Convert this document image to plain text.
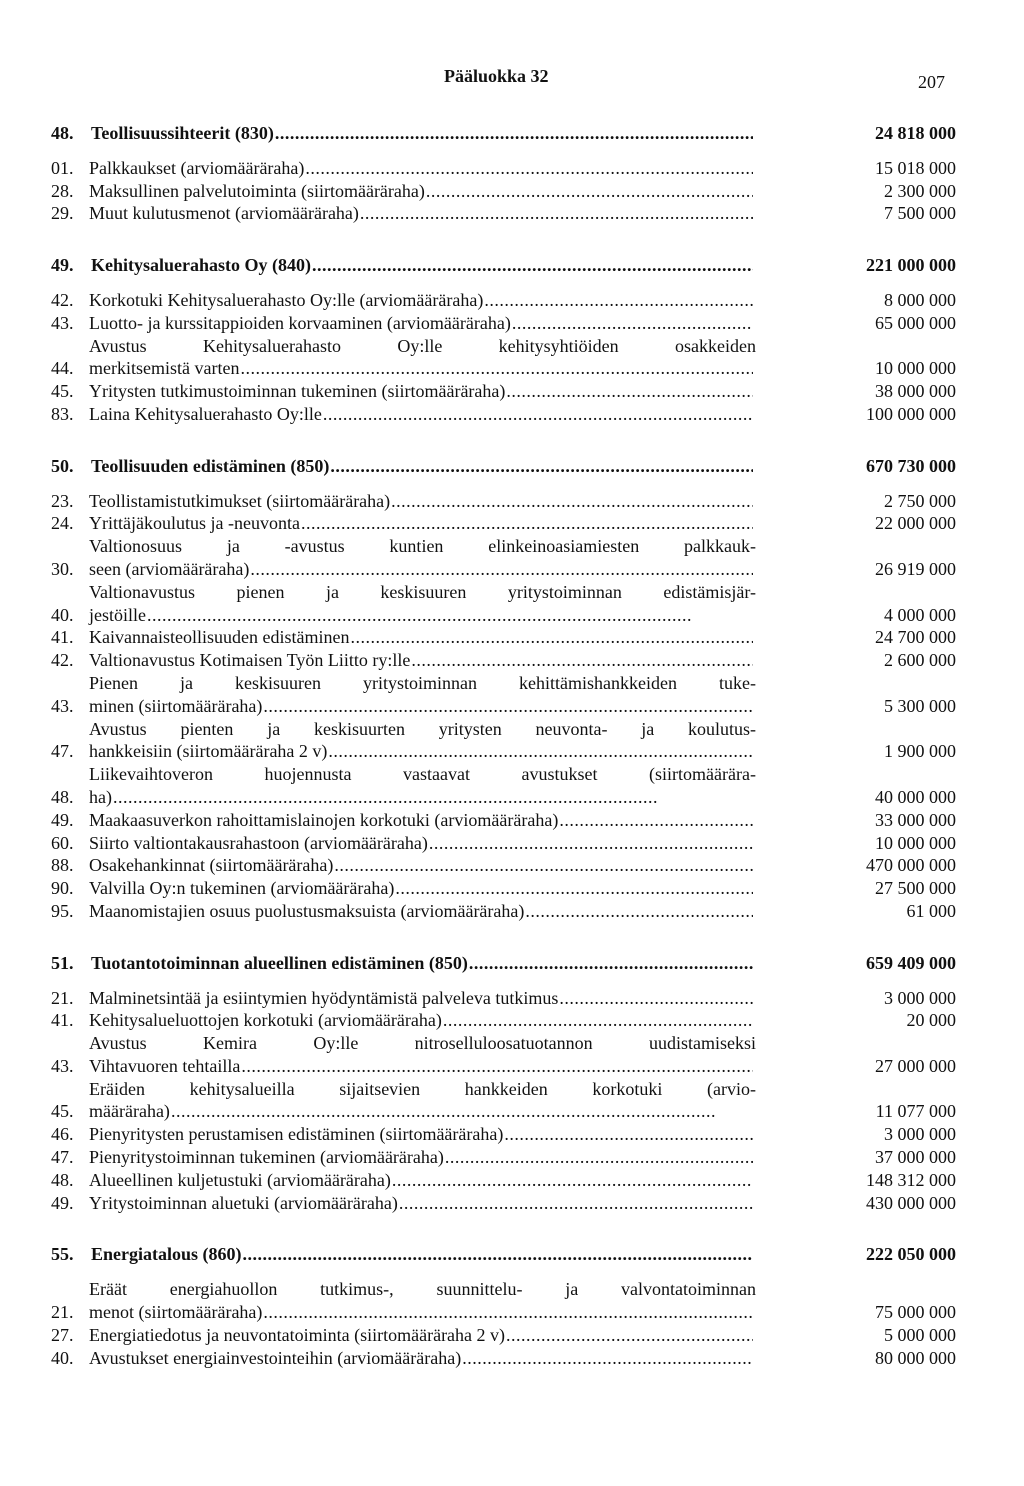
Pääluokka 32	207
48. Teollisuussihteerit (830) . . .	24 818 000
01. Palkkaukset (arviomääräraha) . . .	15 018 000
28. Maksullinen palvelutoiminta (siirtomääräraha) . . .	2 300 000
29. Muut kulutusmenot (arviomääräraha) . . .	7 500 000
49. Kehitysaluerahasto Oy (840) . . .	221 000 000
42. Korkotuki Kehitysaluerahasto Oy:lle (arviomääräraha) . . .	8 000 000
43. Luotto- ja kurssitappioiden korvaaminen (arviomääräraha) . . .	65 000 000
44.
Avustus Kehitysaluerahasto Oy:lle kehitysyhtiöiden osakkeiden
merkitsemistä varten . . .	10 000 000
45. Yritysten tutkimustoiminnan tukeminen (siirtomääräraha) . . .	38 000 000
83. Laina Kehitysaluerahasto Oy:lle . . .	100 000 000
50. Teollisuuden edistäminen (850) . . .	670 730 000
23. Teollistamistutkimukset (siirtomääräraha) . . .	2 750 000
24. Yrittäjäkoulutus ja -neuvonta . . .	22 000 000
30.
Valtionosuus ja -avustus kuntien elinkeinoasiamiesten palkkauk-
seen (arviomääräraha) . . .	26 919 000
40.
Valtionavustus pienen ja keskisuuren yritystoiminnan edistämisjär-
jestöille . . .	4 000 000
41. Kaivannaisteollisuuden edistäminen . . .	24 700 000
42. Valtionavustus Kotimaisen Työn Liitto ry:lle . . .	2 600 000
43.
Pienen ja keskisuuren yritystoiminnan kehittämishankkeiden tuke-
minen (siirtomääräraha) . . .	5 300 000
47.
Avustus pienten ja keskisuurten yritysten neuvonta- ja koulutus-
hankkeisiin (siirtomääräraha 2 v) . . .	1 900 000
48.
Liikevaihtoveron huojennusta vastaavat avustukset (siirtomäärära-
ha) . . .	40 000 000
49. Maakaasuverkon rahoittamislainojen korkotuki (arviomääräraha) . . .	33 000 000
60. Siirto valtiontakausrahastoon (arviomääräraha) . . .	10 000 000
88. Osakehankinnat (siirtomääräraha) . . .	470 000 000
90. Valvilla Oy:n tukeminen (arviomääräraha) . . .	27 500 000
95. Maanomistajien osuus puolustusmaksuista (arviomääräraha) . . .	61 000
51. Tuotantotoiminnan alueellinen edistäminen (850) . . .	659 409 000
21. Malminetsintää ja esiintymien hyödyntämistä palveleva tutkimus . . .	3 000 000
41. Kehitysalueluottojen korkotuki (arviomääräraha) . . .	20 000
43.
Avustus Kemira Oy:lle nitroselluloosatuotannon uudistamiseksi
Vihtavuoren tehtailla . . .	27 000 000
45.
Eräiden kehitysalueilla sijaitsevien hankkeiden korkotuki (arvio-
määräraha) . . .	11 077 000
46. Pienyritysten perustamisen edistäminen (siirtomääräraha) . . .	3 000 000
47. Pienyritystoiminnan tukeminen (arviomääräraha) . . .	37 000 000
48. Alueellinen kuljetustuki (arviomääräraha) . . .	148 312 000
49. Yritystoiminnan aluetuki (arviomääräraha) . . .	430 000 000
55. Energiatalous (860) . . .	222 050 000
21.
Eräät energiahuollon tutkimus-, suunnittelu- ja valvontatoiminnan
menot (siirtomääräraha) . . .	75 000 000
27. Energiatiedotus ja neuvontatoiminta (siirtomääräraha 2 v) . . .	5 000 000
40. Avustukset energiainvestointeihin (arviomääräraha) . . .	80 000 000
